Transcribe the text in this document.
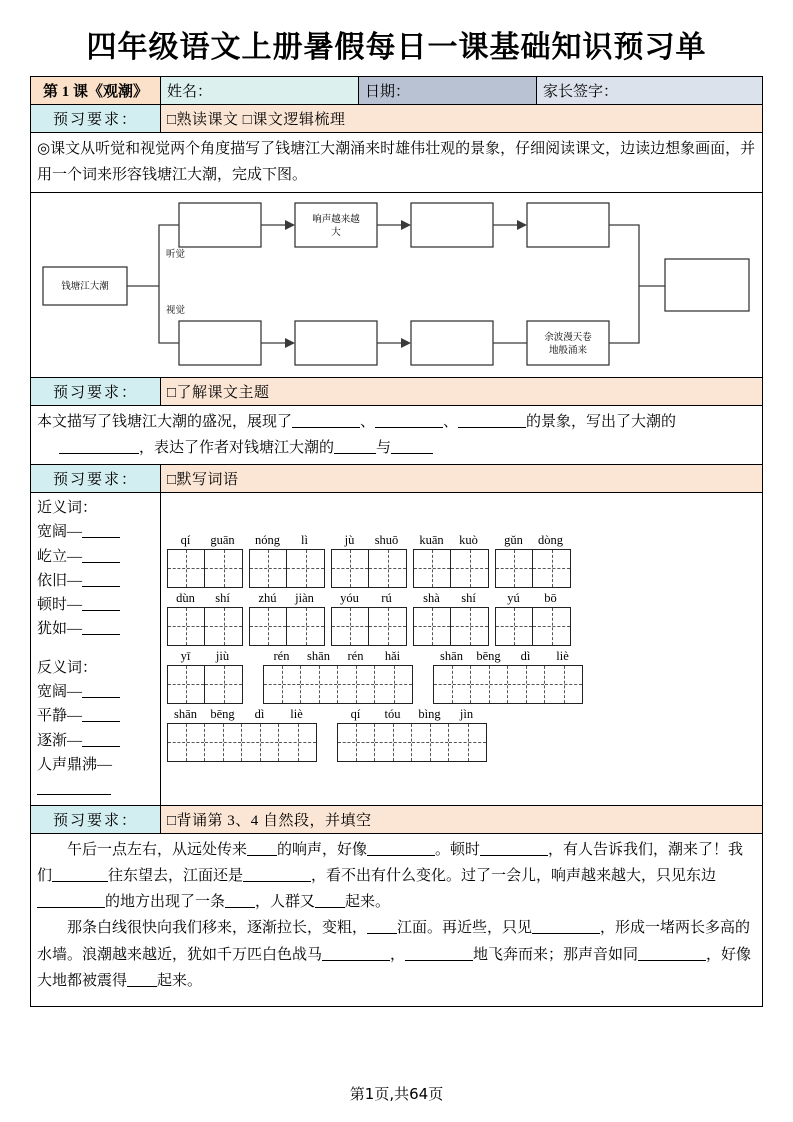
四年级语文上册暑假每日一课基础知识预习单
第 1 课《观潮》	姓名：	日期：	家长签字：
预习要求：	□熟读课文 □课文逻辑梳理		
◎课文从听觉和视觉两个角度描写了钱塘江大潮涌来时雄伟壮观的景象，仔细阅读课文，边读边想象画面，并用一个词来形容钱塘江大潮，完成下图。			

钱塘江大潮
听觉
视觉
响声越来越
大
余波漫天卷
地般涌来

预习要求：	□了解课文主题		

本文描写了钱塘江大潮的盛况，展现了 、 、 的景象，写出了大潮的

，表达了作者对钱塘江大潮的 与			

预习要求：	□默写词语		

近义词：
宽阔—
屹立—
依旧—
顿时—
犹如—
反义词：
宽阔—
平静—
逐渐—
人声鼎沸—

qí	guān	nóng	lì	jù	shuō	kuān	kuò	gǔn	dòng
dùn	shí	zhú	jiàn	yóu	rú	shà	shí	yú	bō
yī	jiù	rén	shān	rén	hǎi	shān	bēng	dì	liè
shān	bēng	dì	liè	qí	tóu	bìng	jìn

预习要求：	□背诵第 3、4 自然段，并填空		

午后一点左右，从远处传来 的响声，好像 。顿时 ，有人告诉我们，潮来了！我们 往东望去，江面还是 ，看不出有什么变化。过了一会儿，响声越来越大，只见东边的地方出现了一条 ，人群又 起来。

那条白线很快向我们移来，逐渐拉长，变粗， 江面。再近些，只见 ，形成一堵两长多高的水墙。浪潮越来越近，犹如千万匹白色战马 ， 地飞奔而来；那声音如同 ，好像大地都被震得 起来。			

第1页,共64页
